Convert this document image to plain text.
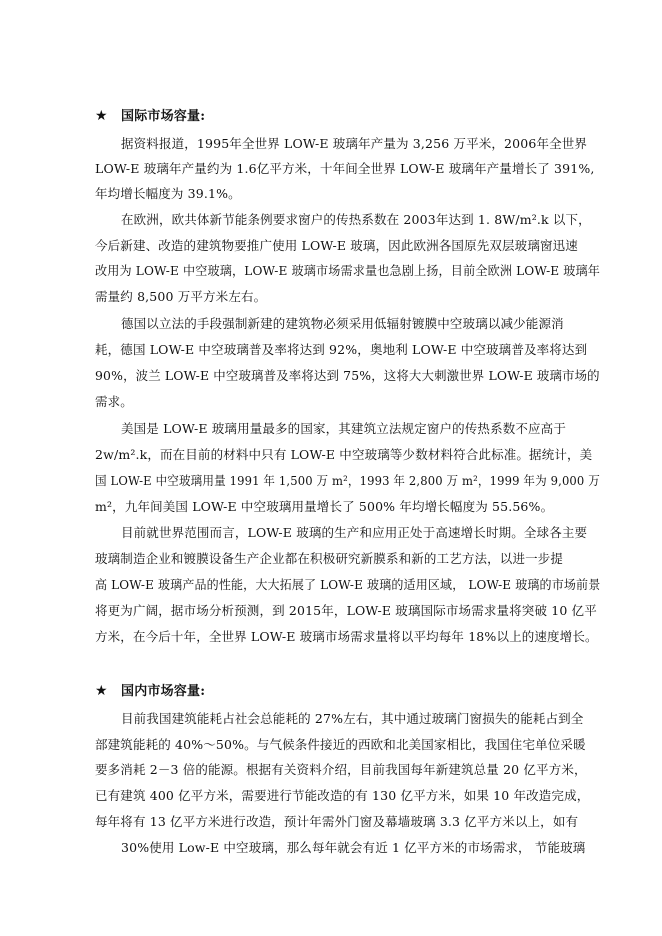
★ 国际市场容量:
据资料报道，1995年全世界 LOW-E 玻璃年产量为 3,256 万平米，2006年全世界
LOW-E 玻璃年产量约为 1.6亿平方米，十年间全世界 LOW-E 玻璃年产量增长了 391%,
年均增长幅度为 39.1%。
在欧洲，欧共体新节能条例要求窗户的传热系数在 2003年达到 1. 8W/m².k 以下，
今后新建、改造的建筑物要推广使用 LOW-E 玻璃，因此欧洲各国原先双层玻璃窗迅速
改用为 LOW-E 中空玻璃，LOW-E 玻璃市场需求量也急剧上扬，目前全欧洲 LOW-E 玻璃年
需量约 8,500 万平方米左右。
德国以立法的手段强制新建的建筑物必须采用低辐射镀膜中空玻璃以减少能源消
耗，德国 LOW-E 中空玻璃普及率将达到 92%，奥地利 LOW-E 中空玻璃普及率将达到
90%，波兰 LOW-E 中空玻璃普及率将达到 75%，这将大大刺激世界 LOW-E 玻璃市场的
需求。
美国是 LOW-E 玻璃用量最多的国家，其建筑立法规定窗户的传热系数不应高于
2w/m².k，而在目前的材料中只有 LOW-E 中空玻璃等少数材料符合此标准。据统计，美
国 LOW-E 中空玻璃用量 1991 年 1,500 万 m²，1993 年 2,800 万 m²，1999 年为 9,000 万
m²，九年间美国 LOW-E 中空玻璃用量增长了 500% 年均增长幅度为 55.56%。
目前就世界范围而言，LOW-E 玻璃的生产和应用正处于高速增长时期。全球各主要
玻璃制造企业和镀膜设备生产企业都在积极研究新膜系和新的工艺方法，以进一步提
高 LOW-E 玻璃产品的性能，大大拓展了 LOW-E 玻璃的适用区域， LOW-E 玻璃的市场前景
将更为广阔，据市场分析预测，到 2015年，LOW-E 玻璃国际市场需求量将突破 10 亿平
方米，在今后十年，全世界 LOW-E 玻璃市场需求量将以平均每年 18%以上的速度增长。
★ 国内市场容量:
目前我国建筑能耗占社会总能耗的 27%左右，其中通过玻璃门窗损失的能耗占到全
部建筑能耗的 40%～50%。与气候条件接近的西欧和北美国家相比，我国住宅单位采暖
要多消耗 2－3 倍的能源。根据有关资料介绍，目前我国每年新建筑总量 20 亿平方米，
已有建筑 400 亿平方米，需要进行节能改造的有 130 亿平方米，如果 10 年改造完成，
每年将有 13 亿平方米进行改造，预计年需外门窗及幕墙玻璃 3.3 亿平方米以上，如有
30%使用 Low-E 中空玻璃，那么每年就会有近 1 亿平方米的市场需求， 节能玻璃
